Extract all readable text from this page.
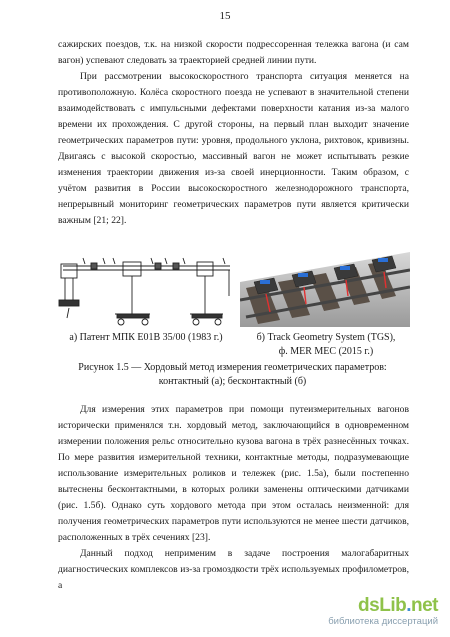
15

сажирских поездов, т.к. на низкой скорости подрессоренная тележка вагона (и сам вагон) успевают следовать за траекторией средней линии пути.

При рассмотрении высокоскоростного транспорта ситуация меняется на противоположную. Колёса скоростного поезда не успевают в значительной степени взаимодействовать с импульсными дефектами поверхности катания из-за малого времени их прохождения. С другой стороны, на первый план выходит значение геометрических параметров пути: уровня, продольного уклона, рихтовок, кривизны. Двигаясь с высокой скоростью, массивный вагон не может испытывать резкие изменения траектории движения из-за своей инерционности. Таким образом, с учётом развития в России высокоскоростного железнодорожного транспорта, непрерывный мониторинг геометрических параметров пути является критически важным [21; 22].

а) Патент МПК E01B 35/00 (1983 г.)	б) Track Geometry System (TGS),
ф. MER MEC (2015 г.)
Рисунок 1.5 — Хордовый метод измерения геометрических параметров:
контактный (а); бесконтактный (б)

Для измерения этих параметров при помощи путеизмерительных вагонов исторически применялся т.н. хордовый метод, заключающийся в одновременном измерении положения рельс относительно кузова вагона в трёх разнесённых точках. По мере развития измерительной техники, контактные методы, подразумевающие использование измерительных роликов и тележек (рис. 1.5а), были постепенно вытеснены бесконтактными, в которых ролики заменены оптическими датчиками (рис. 1.5б). Однако суть хордового метода при этом осталась неизменной: для получения геометрических параметров пути используются не менее шести датчиков, расположенных в трёх сечениях [23].

Данный подход неприменим в задаче построения малогабаритных диагностических комплексов из-за громоздкости трёх используемых профилометров, а

dsLib.net
библиотека диссертаций
